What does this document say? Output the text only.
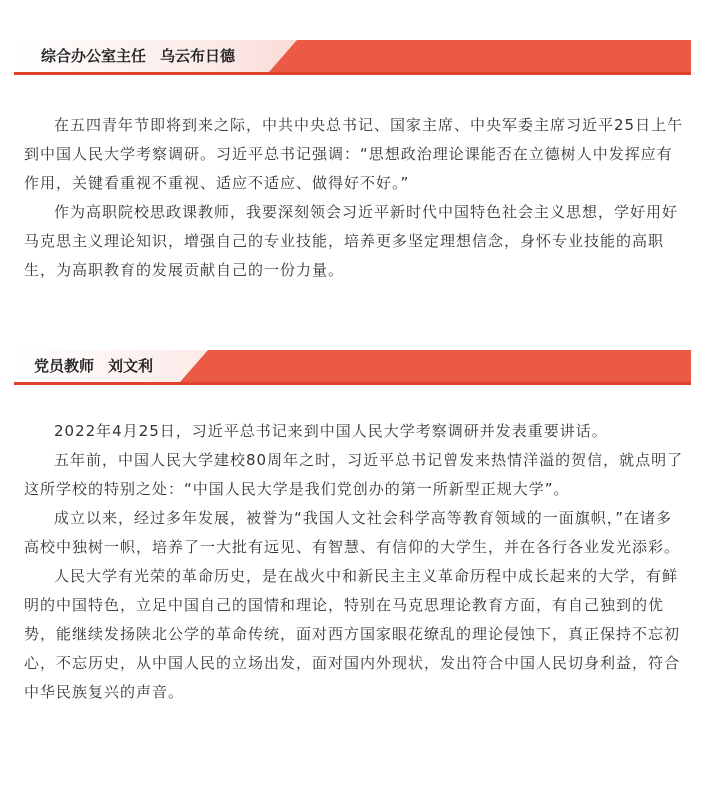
综合办公室主任 乌云布日德

在五四青年节即将到来之际，中共中央总书记、国家主席、中央军委主席习近平25日上午到中国人民大学考察调研。习近平总书记强调：“思想政治理论课能否在立德树人中发挥应有作用，关键看重视不重视、适应不适应、做得好不好。”

作为高职院校思政课教师，我要深刻领会习近平新时代中国特色社会主义思想，学好用好马克思主义理论知识，增强自己的专业技能，培养更多坚定理想信念，身怀专业技能的高职生，为高职教育的发展贡献自己的一份力量。

党员教师 刘文利

2022年4月25日，习近平总书记来到中国人民大学考察调研并发表重要讲话。

五年前，中国人民大学建校80周年之时，习近平总书记曾发来热情洋溢的贺信，就点明了这所学校的特别之处：“中国人民大学是我们党创办的第一所新型正规大学”。

成立以来，经过多年发展，被誉为“我国人文社会科学高等教育领域的一面旗帜，”在诸多高校中独树一帜，培养了一大批有远见、有智慧、有信仰的大学生，并在各行各业发光添彩。

人民大学有光荣的革命历史，是在战火中和新民主主义革命历程中成长起来的大学，有鲜明的中国特色，立足中国自己的国情和理论，特别在马克思理论教育方面，有自己独到的优势，能继续发扬陕北公学的革命传统，面对西方国家眼花缭乱的理论侵蚀下，真正保持不忘初心，不忘历史，从中国人民的立场出发，面对国内外现状，发出符合中国人民切身利益，符合中华民族复兴的声音。
